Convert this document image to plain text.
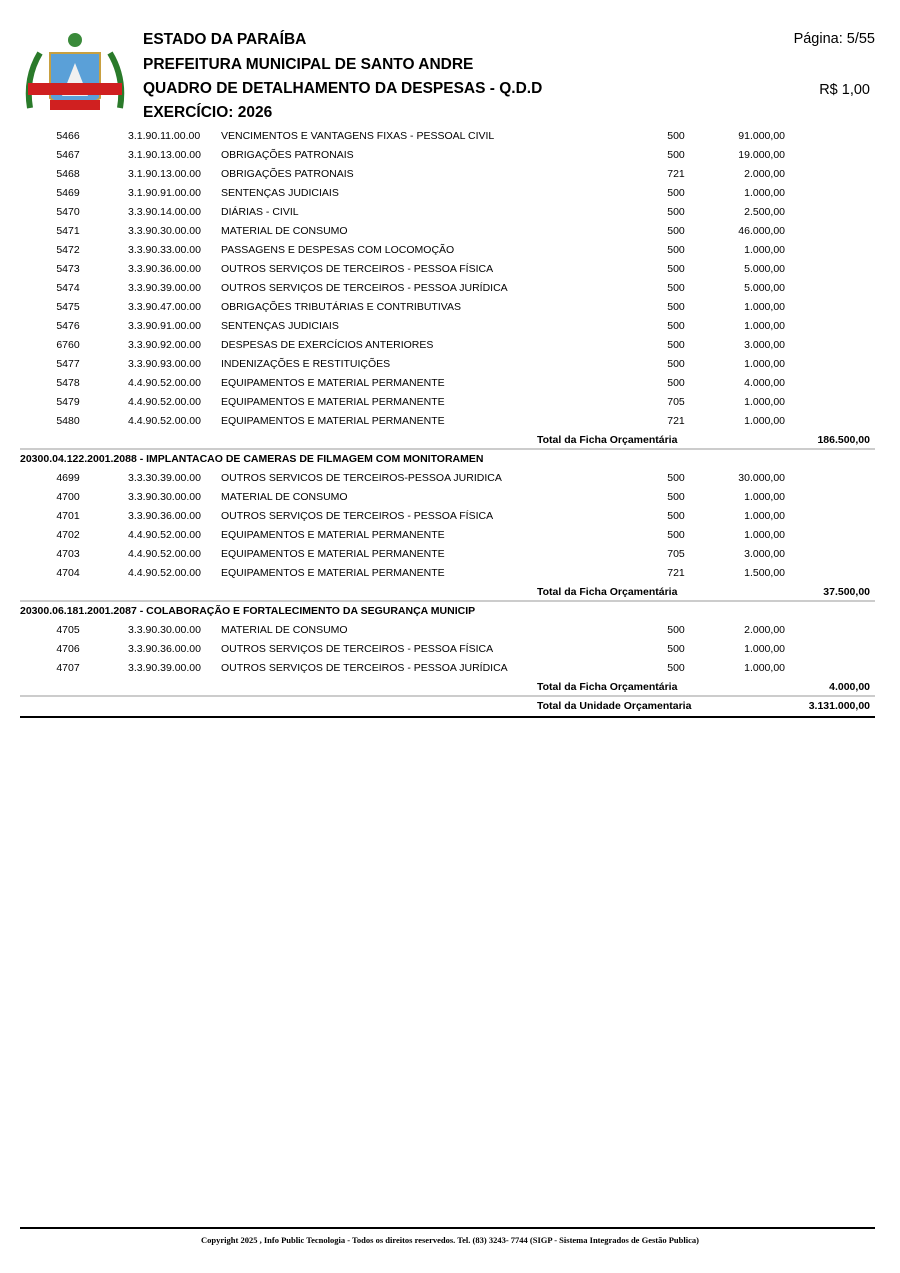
ESTADO DA PARAÍBA
PREFEITURA MUNICIPAL DE SANTO ANDRE
QUADRO DE DETALHAMENTO DA DESPESAS - Q.D.D
EXERCÍCIO: 2026
Página: 5/55
R$ 1,00
5466	3.1.90.11.00.00 VENCIMENTOS E VANTAGENS FIXAS - PESSOAL CIVIL	500	91.000,00
5467	3.1.90.13.00.00 OBRIGAÇÕES PATRONAIS	500	19.000,00
5468	3.1.90.13.00.00 OBRIGAÇÕES PATRONAIS	721	2.000,00
5469	3.1.90.91.00.00 SENTENÇAS JUDICIAIS	500	1.000,00
5470	3.3.90.14.00.00 DIÁRIAS - CIVIL	500	2.500,00
5471	3.3.90.30.00.00 MATERIAL DE CONSUMO	500	46.000,00
5472	3.3.90.33.00.00 PASSAGENS E DESPESAS COM LOCOMOÇÃO	500	1.000,00
5473	3.3.90.36.00.00 OUTROS SERVIÇOS DE TERCEIROS - PESSOA FÍSICA	500	5.000,00
5474	3.3.90.39.00.00 OUTROS SERVIÇOS DE TERCEIROS - PESSOA JURÍDICA	500	5.000,00
5475	3.3.90.47.00.00 OBRIGAÇÕES TRIBUTÁRIAS E CONTRIBUTIVAS	500	1.000,00
5476	3.3.90.91.00.00 SENTENÇAS JUDICIAIS	500	1.000,00
6760	3.3.90.92.00.00 DESPESAS DE EXERCÍCIOS ANTERIORES	500	3.000,00
5477	3.3.90.93.00.00 INDENIZAÇÕES E RESTITUIÇÕES	500	1.000,00
5478	4.4.90.52.00.00 EQUIPAMENTOS E MATERIAL PERMANENTE	500	4.000,00
5479	4.4.90.52.00.00 EQUIPAMENTOS E MATERIAL PERMANENTE	705	1.000,00
5480	4.4.90.52.00.00 EQUIPAMENTOS E MATERIAL PERMANENTE	721	1.000,00
Total da Ficha Orçamentária	186.500,00
20300.04.122.2001.2088 - IMPLANTACAO DE CAMERAS DE FILMAGEM COM MONITORAMEN
4699	3.3.30.39.00.00 OUTROS SERVICOS DE TERCEIROS-PESSOA JURIDICA	500	30.000,00
4700	3.3.90.30.00.00 MATERIAL DE CONSUMO	500	1.000,00
4701	3.3.90.36.00.00 OUTROS SERVIÇOS DE TERCEIROS - PESSOA FÍSICA	500	1.000,00
4702	4.4.90.52.00.00 EQUIPAMENTOS E MATERIAL PERMANENTE	500	1.000,00
4703	4.4.90.52.00.00 EQUIPAMENTOS E MATERIAL PERMANENTE	705	3.000,00
4704	4.4.90.52.00.00 EQUIPAMENTOS E MATERIAL PERMANENTE	721	1.500,00
Total da Ficha Orçamentária	37.500,00
20300.06.181.2001.2087 - COLABORAÇÃO E FORTALECIMENTO DA SEGURANÇA MUNICIP
4705	3.3.90.30.00.00 MATERIAL DE CONSUMO	500	2.000,00
4706	3.3.90.36.00.00 OUTROS SERVIÇOS DE TERCEIROS - PESSOA FÍSICA	500	1.000,00
4707	3.3.90.39.00.00 OUTROS SERVIÇOS DE TERCEIROS - PESSOA JURÍDICA	500	1.000,00
Total da Ficha Orçamentária	4.000,00
Total da Unidade Orçamentaria	3.131.000,00
Copyright 2025 , Info Public Tecnologia - Todos os direitos reservedos. Tel. (83) 3243- 7744 (SIGP - Sistema Integrados de Gestão Publica)
